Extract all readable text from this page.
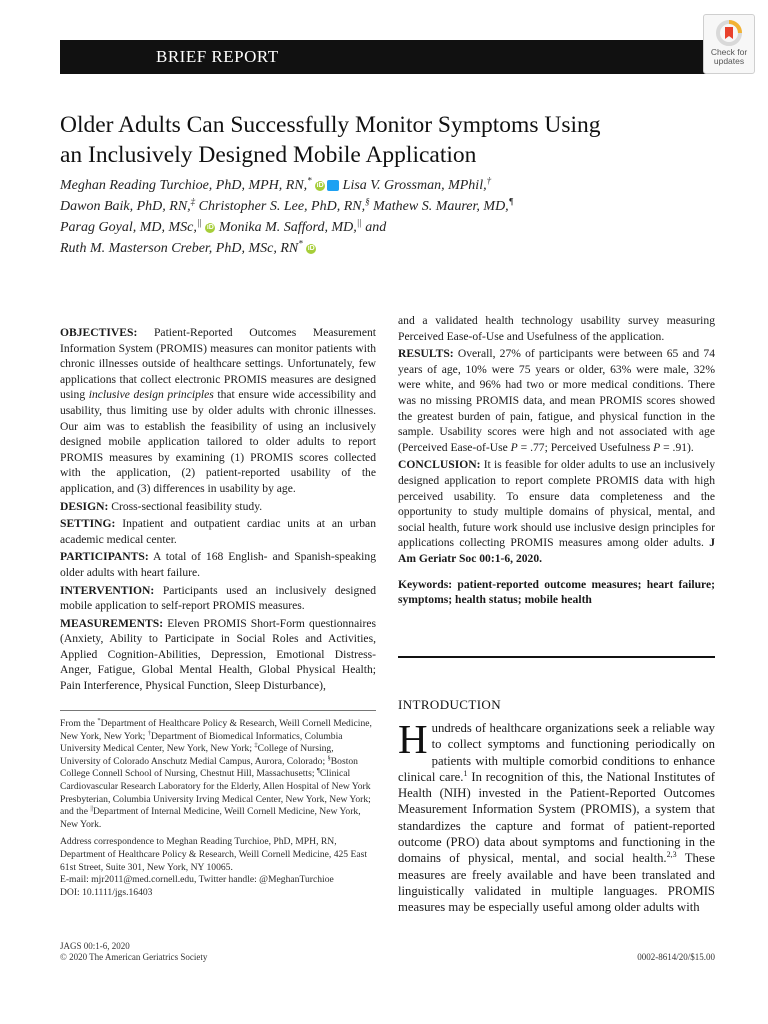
BRIEF REPORT	Check for
updates
Older Adults Can Successfully Monitor Symptoms Using
an Inclusively Designed Mobile Application
Meghan Reading Turchioe, PhD, MPH, RN,* iD Lisa V. Grossman, MPhil,†
Dawon Baik, PhD, RN,‡ Christopher S. Lee, PhD, RN,§ Mathew S. Maurer, MD,¶
Parag Goyal, MD, MSc,|| iD Monika M. Safford, MD,|| and
Ruth M. Masterson Creber, PhD, MSc, RN* iD

OBJECTIVES: Patient-Reported Outcomes Measurement Information System (PROMIS) measures can monitor patients with chronic illnesses outside of healthcare settings. Unfortunately, few applications that collect electronic PROMIS measures are designed using inclusive design principles that ensure wide accessibility and usability, thus limiting use by older adults with chronic illnesses. Our aim was to establish the feasibility of using an inclusively designed mobile application tailored to older adults to report PROMIS measures by examining (1) PROMIS scores collected with the application, (2) patient-reported usability of the application, and (3) differences in usability by age.

DESIGN: Cross-sectional feasibility study.

SETTING: Inpatient and outpatient cardiac units at an urban academic medical center.

PARTICIPANTS: A total of 168 English- and Spanish-speaking older adults with heart failure.

INTERVENTION: Participants used an inclusively designed mobile application to self-report PROMIS measures.

MEASUREMENTS: Eleven PROMIS Short-Form questionnaires (Anxiety, Ability to Participate in Social Roles and Activities, Applied Cognition-Abilities, Depression, Emotional Distress-Anger, Fatigue, Global Mental Health, Global Physical Health; Pain Interference, Physical Function, Sleep Disturbance),

and a validated health technology usability survey measuring Perceived Ease-of-Use and Usefulness of the application.

RESULTS: Overall, 27% of participants were between 65 and 74 years of age, 10% were 75 years or older, 63% were male, 32% were white, and 96% had two or more medical conditions. There was no missing PROMIS data, and mean PROMIS scores showed the greatest burden of pain, fatigue, and physical function in the sample. Usability scores were high and not associated with age (Perceived Ease-of-Use P = .77; Perceived Usefulness P = .91).

CONCLUSION: It is feasible for older adults to use an inclusively designed application to report complete PROMIS data with high perceived usability. To ensure data completeness and the opportunity to study multiple domains of physical, mental, and social health, future work should use inclusive design principles for applications collecting PROMIS measures among older adults. J Am Geriatr Soc 00:1-6, 2020.

Keywords: patient-reported outcome measures; heart failure; symptoms; health status; mobile health

From the *Department of Healthcare Policy & Research, Weill Cornell Medicine, New York, New York; †Department of Biomedical Informatics, Columbia University Medical Center, New York, New York; ‡College of Nursing, University of Colorado Anschutz Medial Campus, Aurora, Colorado; §Boston College Connell School of Nursing, Chestnut Hill, Massachusetts; ¶Clinical Cardiovascular Research Laboratory for the Elderly, Allen Hospital of New York Presbyterian, Columbia University Irving Medical Center, New York, New York; and the ||Department of Internal Medicine, Weill Cornell Medicine, New York, New York.

Address correspondence to Meghan Reading Turchioe, PhD, MPH, RN, Department of Healthcare Policy & Research, Weill Cornell Medicine, 425 East 61st Street, Suite 301, New York, NY 10065.

E-mail: mjr2011@med.cornell.edu, Twitter handle: @MeghanTurchioe

DOI: 10.1111/jgs.16403

INTRODUCTION
H undreds of healthcare organizations seek a reliable way to collect symptoms and functioning periodically on patients with multiple comorbid conditions to enhance clinical care.$^1$ In recognition of this, the National Institutes of Health (NIH) invested in the Patient-Reported Outcomes Measurement Information System (PROMIS), a system that standardizes the capture and format of patient-reported outcome (PRO) data about symptoms and functioning in the domains of physical, mental, and social health.$^{2,3}$ These measures are freely available and have been translated and linguistically validated in multiple languages. PROMIS measures may be especially useful among older adults with
JAGS 00:1-6, 2020
© 2020 The American Geriatrics Society	0002-8614/20/$15.00
